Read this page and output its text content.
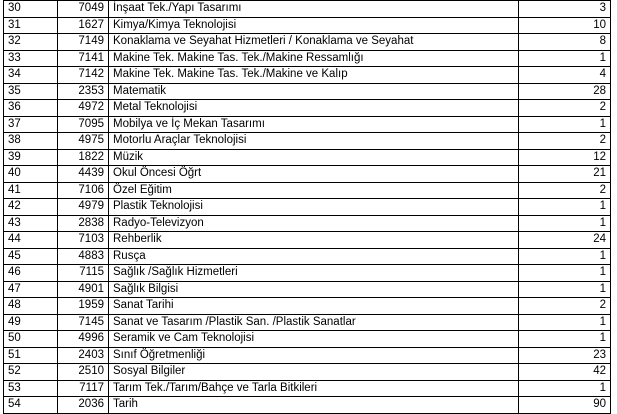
30	7049	İnşaat Tek./Yapı Tasarımı	3
31	1627	Kimya/Kimya Teknolojisi	10
32	7149	Konaklama ve Seyahat Hizmetleri / Konaklama ve Seyahat	8
33	7141	Makine Tek. Makine Tas. Tek./Makine Ressamlığı	1
34	7142	Makine Tek. Makine Tas. Tek./Makine ve Kalıp	4
35	2353	Matematik	28
36	4972	Metal Teknolojisi	2
37	7095	Mobilya ve İç Mekan Tasarımı	1
38	4975	Motorlu Araçlar Teknolojisi	2
39	1822	Müzik	12
40	4439	Okul Öncesi Öğrt	21
41	7106	Özel Eğitim	2
42	4979	Plastik Teknolojisi	1
43	2838	Radyo-Televizyon	1
44	7103	Rehberlik	24
45	4883	Rusça	1
46	7115	Sağlık /Sağlık Hizmetleri	1
47	4901	Sağlık Bilgisi	1
48	1959	Sanat Tarihi	2
49	7145	Sanat ve Tasarım /Plastik San. /Plastik Sanatlar	1
50	4996	Seramik ve Cam Teknolojisi	1
51	2403	Sınıf Öğretmenliği	23
52	2510	Sosyal Bilgiler	42
53	7117	Tarım Tek./Tarım/Bahçe ve Tarla Bitkileri	1
54	2036	Tarih	90
